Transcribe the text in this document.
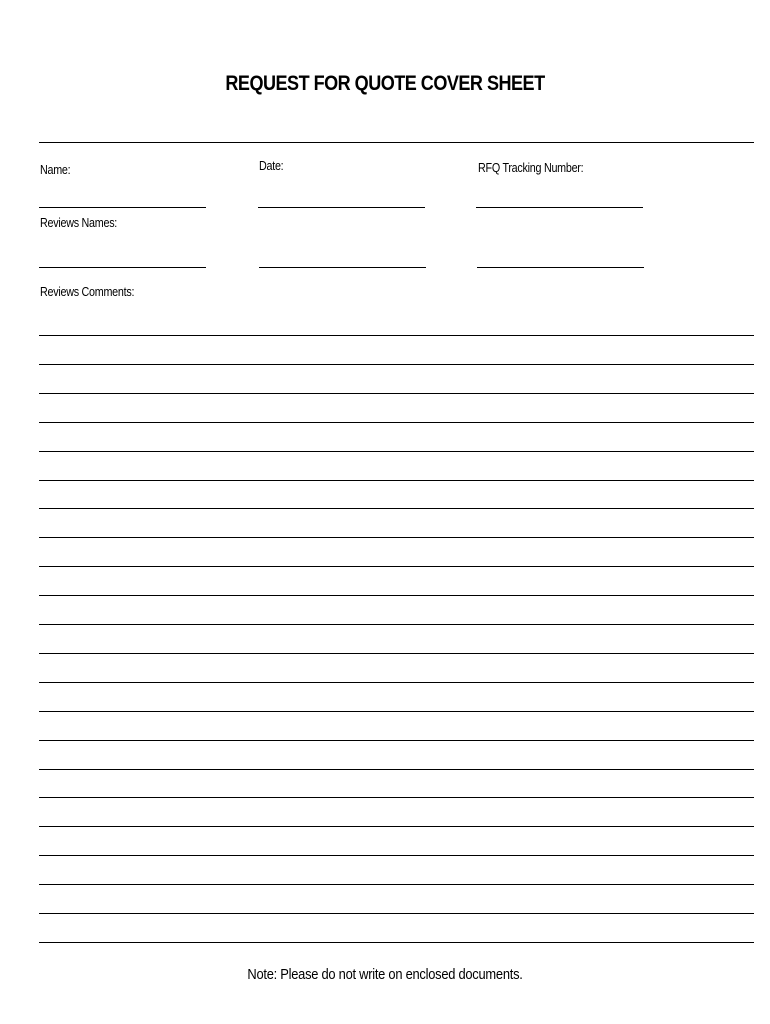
REQUEST FOR QUOTE COVER SHEET
Name:	Date:	RFQ Tracking Number:
Reviews Names:
Reviews Comments:
Note: Please do not write on enclosed documents.
